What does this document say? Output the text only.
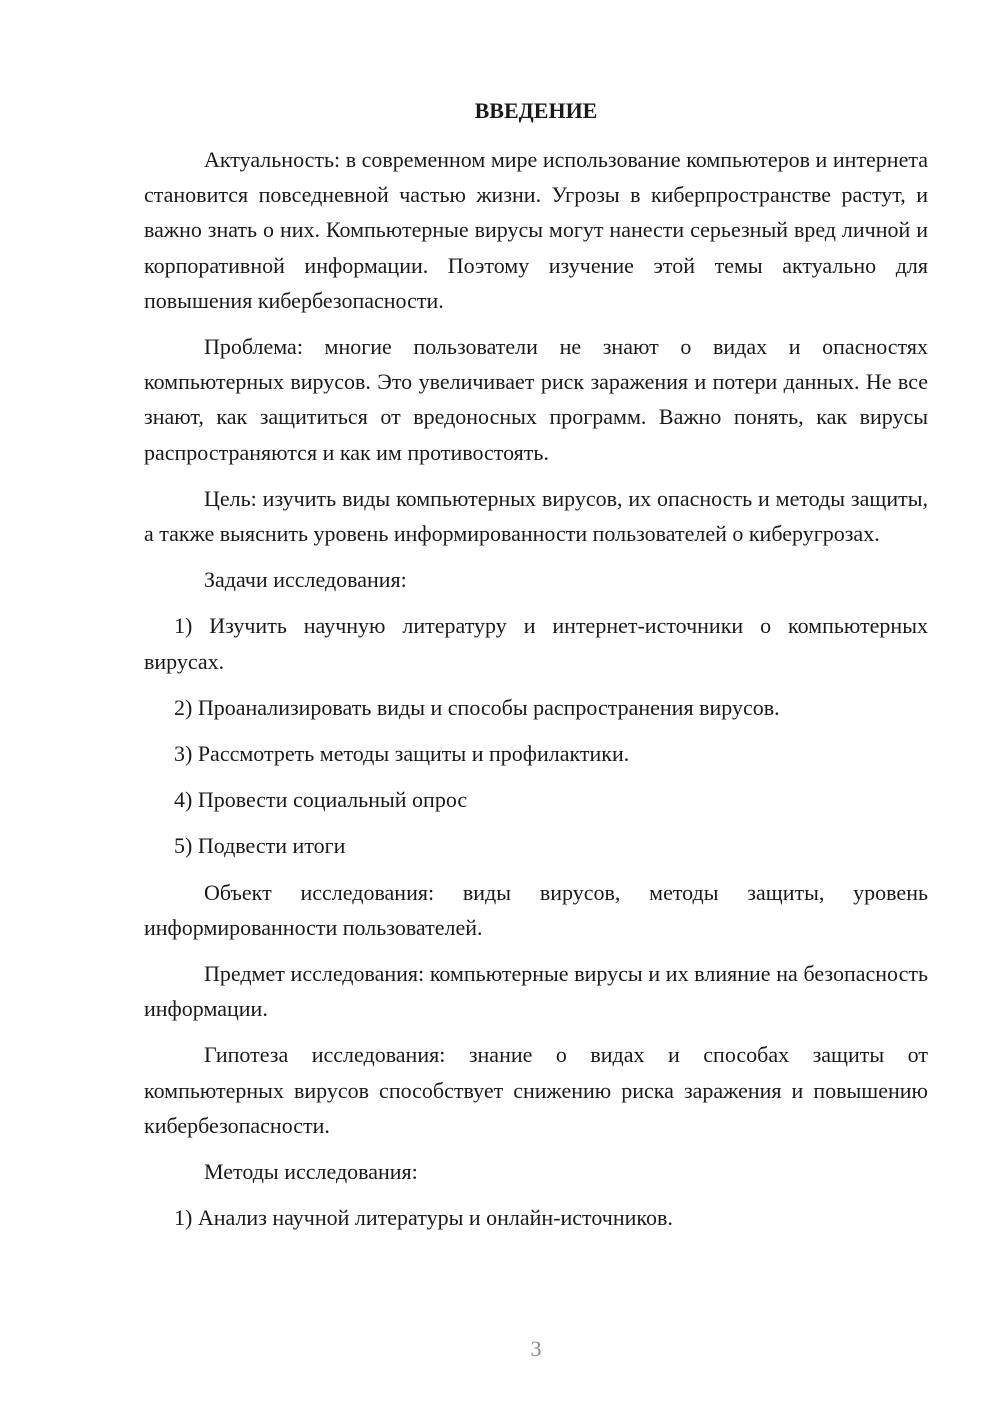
ВВЕДЕНИЕ

Актуальность: в современном мире использование компьютеров и интернета становится повседневной частью жизни. Угрозы в киберпространстве растут, и важно знать о них. Компьютерные вирусы могут нанести серьезный вред личной и корпоративной информации. Поэтому изучение этой темы актуально для повышения кибербезопасности.

Проблема: многие пользователи не знают о видах и опасностях компьютерных вирусов. Это увеличивает риск заражения и потери данных. Не все знают, как защититься от вредоносных программ. Важно понять, как вирусы распространяются и как им противостоять.

Цель: изучить виды компьютерных вирусов, их опасность и методы защиты, а также выяснить уровень информированности пользователей о киберугрозах.

Задачи исследования:

1) Изучить научную литературу и интернет-источники о компьютерных вирусах.

2) Проанализировать виды и способы распространения вирусов.

3) Рассмотреть методы защиты и профилактики.

4) Провести социальный опрос

5) Подвести итоги

Объект исследования: виды вирусов, методы защиты, уровень информированности пользователей.

Предмет исследования: компьютерные вирусы и их влияние на безопасность информации.

Гипотеза исследования: знание о видах и способах защиты от компьютерных вирусов способствует снижению риска заражения и повышению кибербезопасности.

Методы исследования:

1) Анализ научной литературы и онлайн-источников.

3
